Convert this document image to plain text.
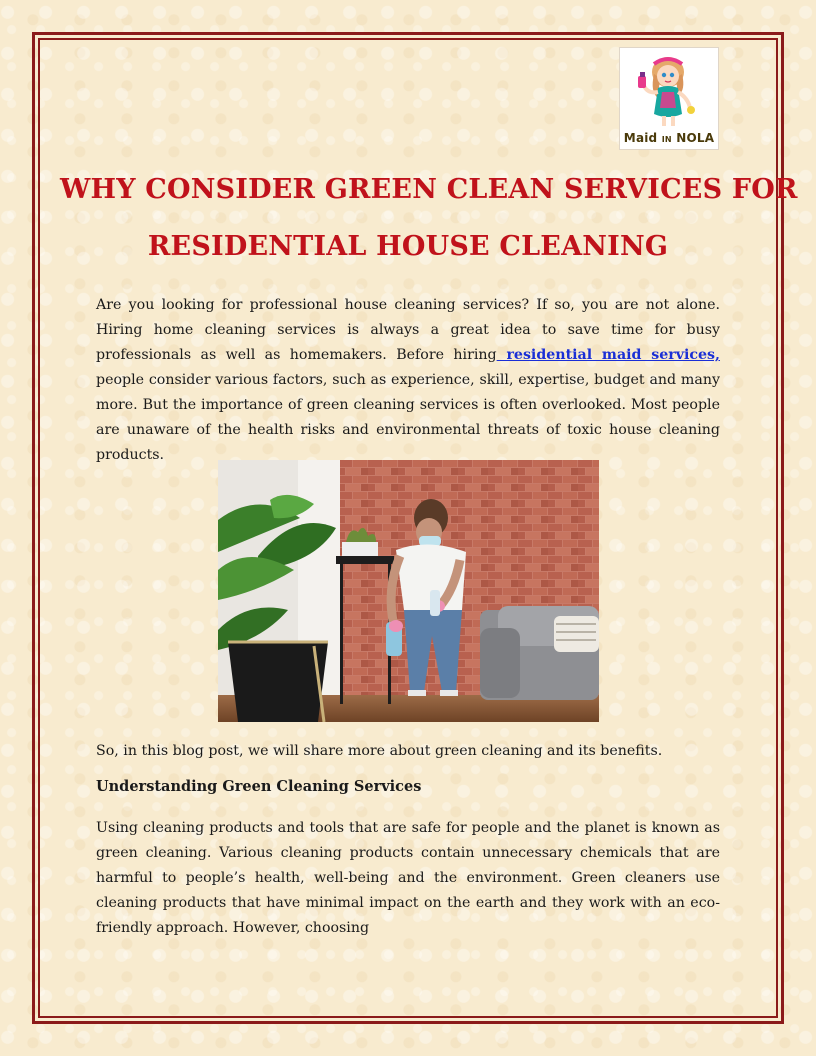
Maid IN NOLA
WHY CONSIDER GREEN CLEAN SERVICES FOR
RESIDENTIAL HOUSE CLEANING

Are you looking for professional house cleaning services? If so, you are not alone. Hiring home cleaning services is always a great idea to save time for busy professionals as well as homemakers. Before hiring residential maid services, people consider various factors, such as experience, skill, expertise, budget and many more. But the importance of green cleaning services is often overlooked. Most people are unaware of the health risks and environmental threats of toxic house cleaning products.

So, in this blog post, we will share more about green cleaning and its benefits.

Understanding Green Cleaning Services

Using cleaning products and tools that are safe for people and the planet is known as green cleaning. Various cleaning products contain unnecessary chemicals that are harmful to people’s health, well-being and the environment. Green cleaners use cleaning products that have minimal impact on the earth and they work with an eco-friendly approach. However, choosing
